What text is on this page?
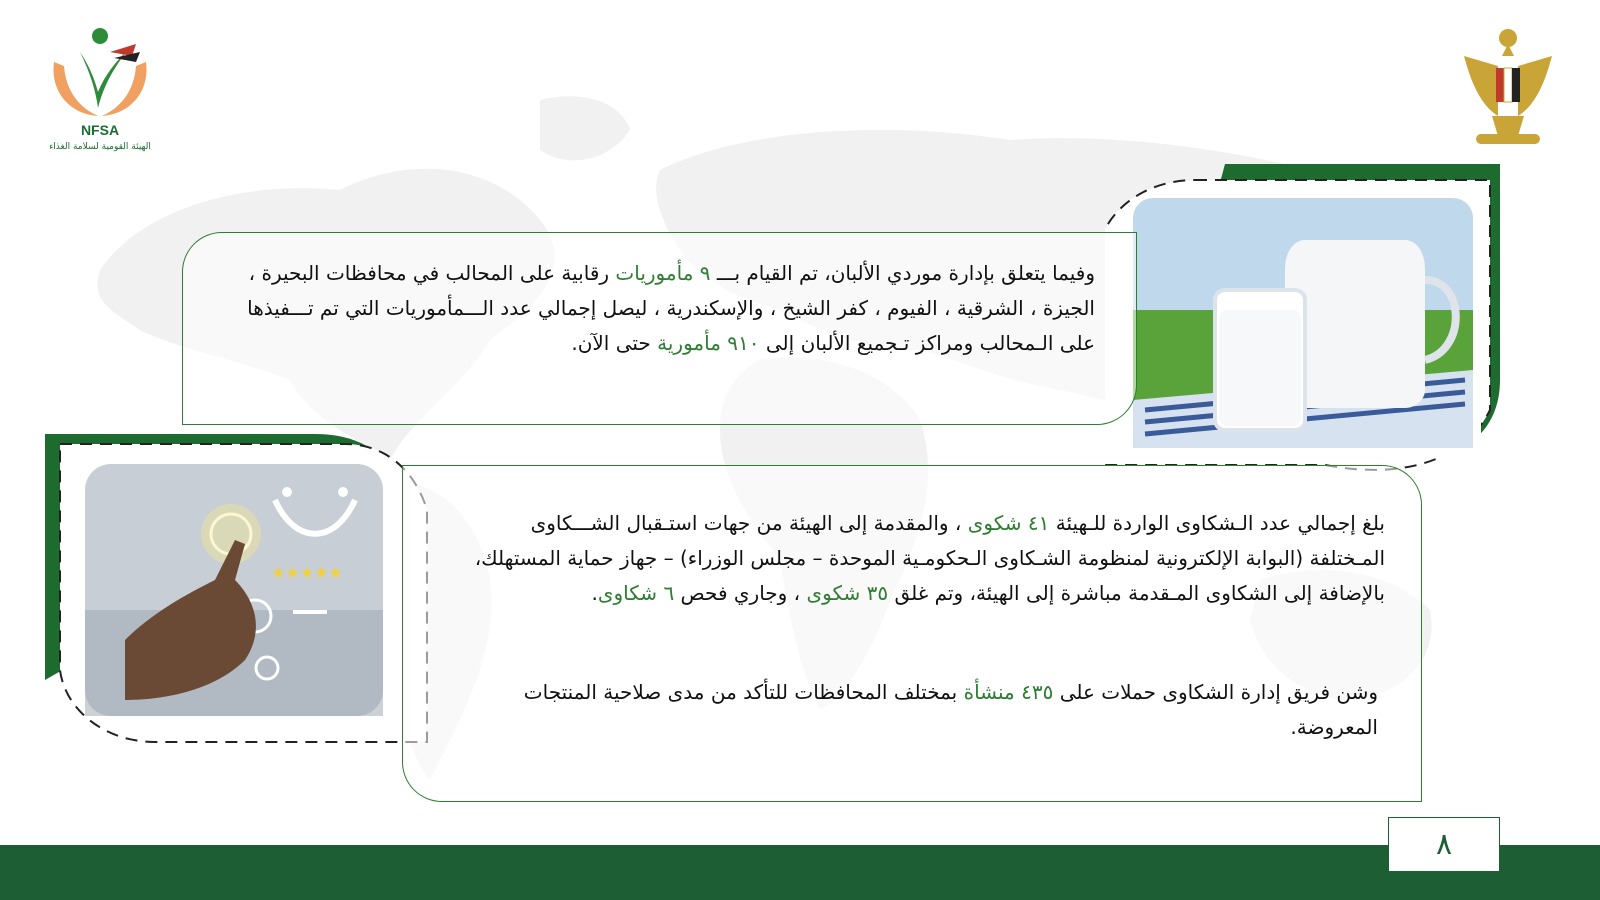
NFSA
الهيئة القومية لسلامة الغذاء
★★★★★

وفيما يتعلق بإدارة موردي الألبان، تم القيام بـــ ٩ مأموريات رقابية على المحالب في محافظات البحيرة ، الجيزة ، الشرقية ، الفيوم ، كفر الشيخ ، والإسكندرية ، ليصل إجمالي عدد الـــمأموريات التي تم تـــفيذها على الـمحالب ومراكز تـجميع الألبان إلى ٩١٠ مأمورية حتى الآن.

بلغ إجمالي عدد الـشكاوى الواردة للـهيئة ٤١ شكوى ، والمقدمة إلى الهيئة من جهات استـقبال الشـــكاوى المـختلفة (البوابة الإلكترونية لمنظومة الشـكاوى الـحكومـية الموحدة – مجلس الوزراء) – جهاز حماية المستهلك، بالإضافة إلى الشكاوى المـقدمة مباشرة إلى الهيئة، وتم غلق ٣٥ شكوى ، وجاري فحص ٦ شكاوى.

وشن فريق إدارة الشكاوى حملات على ٤٣٥ منشأة بمختلف المحافظات للتأكد من مدى صلاحية المنتجات المعروضة.

٨
